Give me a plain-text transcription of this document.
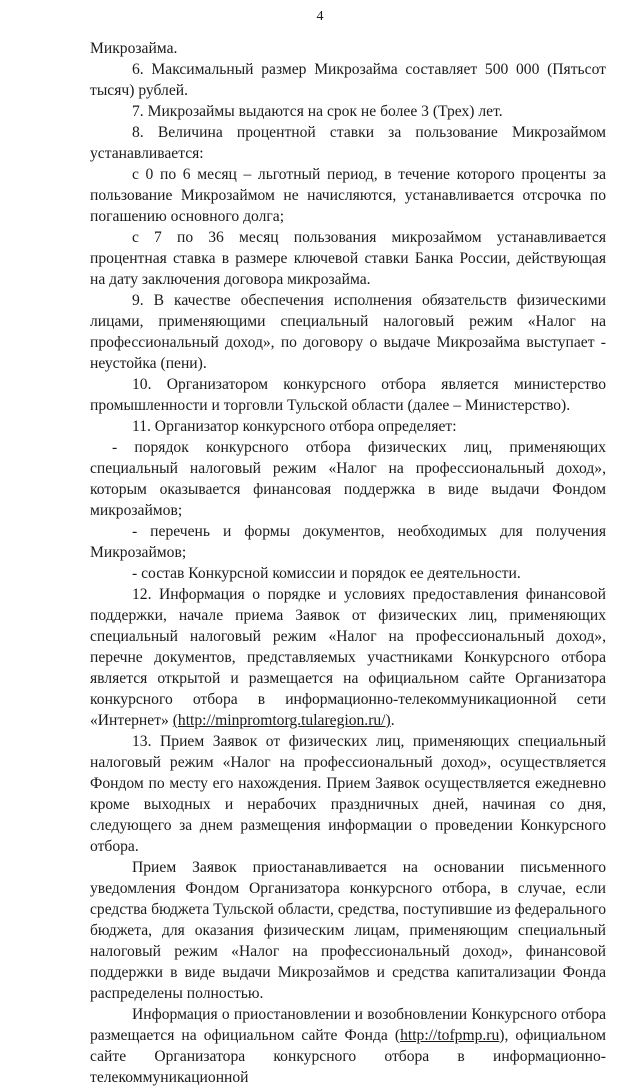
4

Микрозайма.

6. Максимальный размер Микрозайма составляет 500 000 (Пятьсот тысяч) рублей.

7. Микрозаймы выдаются на срок не более 3 (Трех) лет.

8. Величина процентной ставки за пользование Микрозаймом устанавливается:

с 0 по 6 месяц – льготный период, в течение которого проценты за пользование Микрозаймом не начисляются, устанавливается отсрочка по погашению основного долга;

с 7 по 36 месяц пользования микрозаймом устанавливается процентная ставка в размере ключевой ставки Банка России, действующая на дату заключения договора микрозайма.

9. В качестве обеспечения исполнения обязательств физическими лицами, применяющими специальный налоговый режим «Налог на профессиональный доход», по договору о выдаче Микрозайма выступает - неустойка (пени).

10. Организатором конкурсного отбора является министерство промышленности и торговли Тульской области (далее – Министерство).

11. Организатор конкурсного отбора определяет:

- порядок конкурсного отбора физических лиц, применяющих специальный налоговый режим «Налог на профессиональный доход», которым оказывается финансовая поддержка в виде выдачи Фондом микрозаймов;

- перечень и формы документов, необходимых для получения Микрозаймов;

- состав Конкурсной комиссии и порядок ее деятельности.

12. Информация о порядке и условиях предоставления финансовой поддержки, начале приема Заявок от физических лиц, применяющих специальный налоговый режим «Налог на профессиональный доход», перечне документов, представляемых участниками Конкурсного отбора является открытой и размещается на официальном сайте Организатора конкурсного отбора в информационно-телекоммуникационной сети «Интернет» (http://minpromtorg.tularegion.ru/).

13. Прием Заявок от физических лиц, применяющих специальный налоговый режим «Налог на профессиональный доход», осуществляется Фондом по месту его нахождения. Прием Заявок осуществляется ежедневно кроме выходных и нерабочих праздничных дней, начиная со дня, следующего за днем размещения информации о проведении Конкурсного отбора.

Прием Заявок приостанавливается на основании письменного уведомления Фондом Организатора конкурсного отбора, в случае, если средства бюджета Тульской области, средства, поступившие из федерального бюджета, для оказания физическим лицам, применяющим специальный налоговый режим «Налог на профессиональный доход», финансовой поддержки в виде выдачи Микрозаймов и средства капитализации Фонда распределены полностью.

Информация о приостановлении и возобновлении Конкурсного отбора размещается на официальном сайте Фонда (http://tofpmp.ru), официальном сайте Организатора конкурсного отбора в информационно-телекоммуникационной
